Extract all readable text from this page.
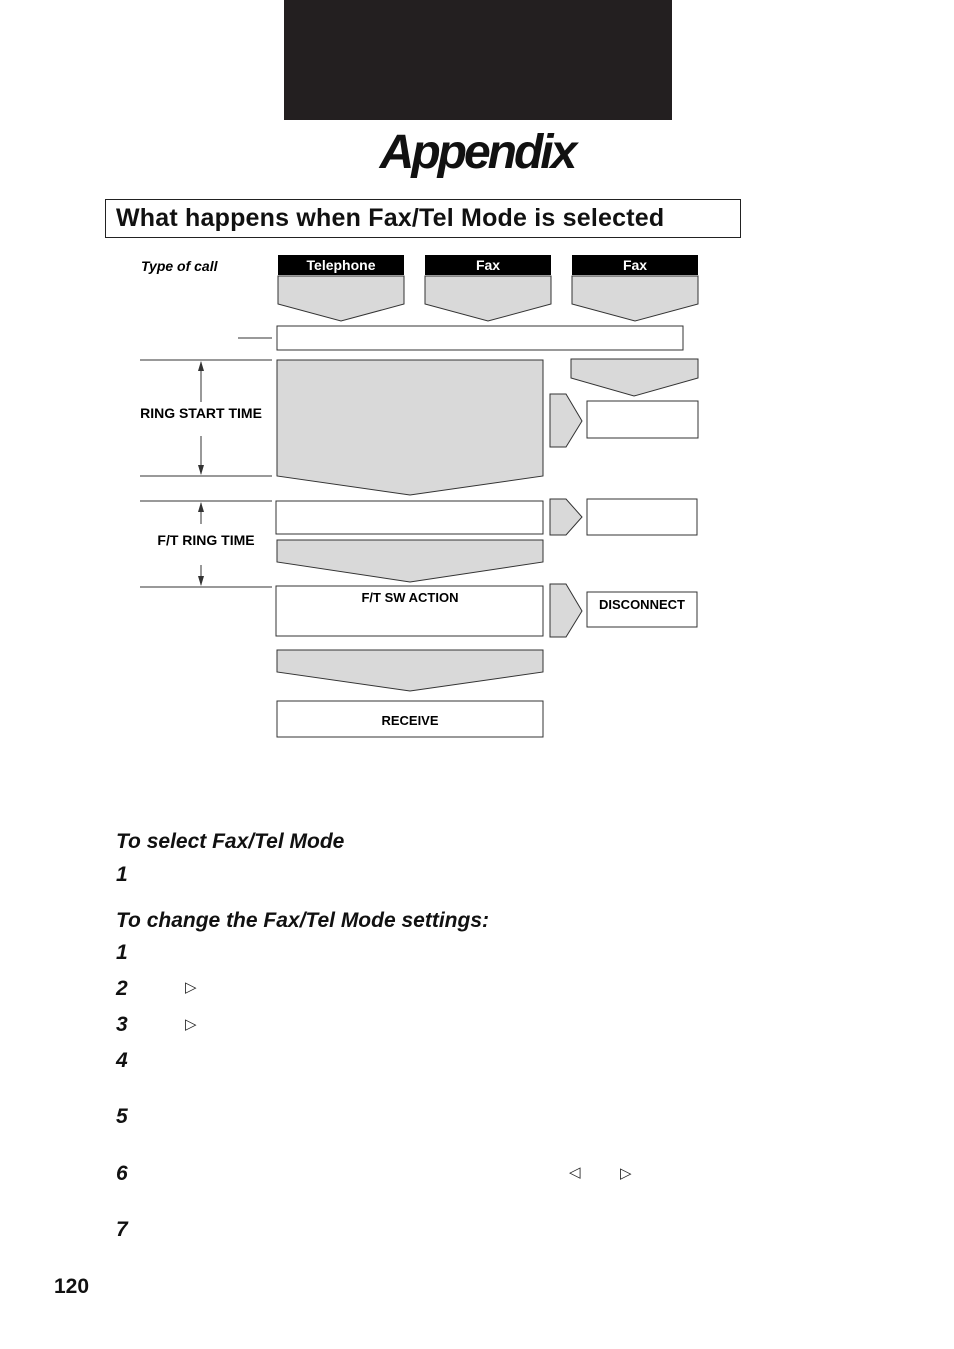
Appendix
What happens when Fax/Tel Mode is selected
Type of call	Telephone	Fax	Fax
RING START TIME
F/T RING TIME
F/T SW ACTION	DISCONNECT
RECEIVE
To select Fax/Tel Mode
1
To change the Fax/Tel Mode settings:
1
2	▷
3	▷
4
5
6	◁	▷
7
120
